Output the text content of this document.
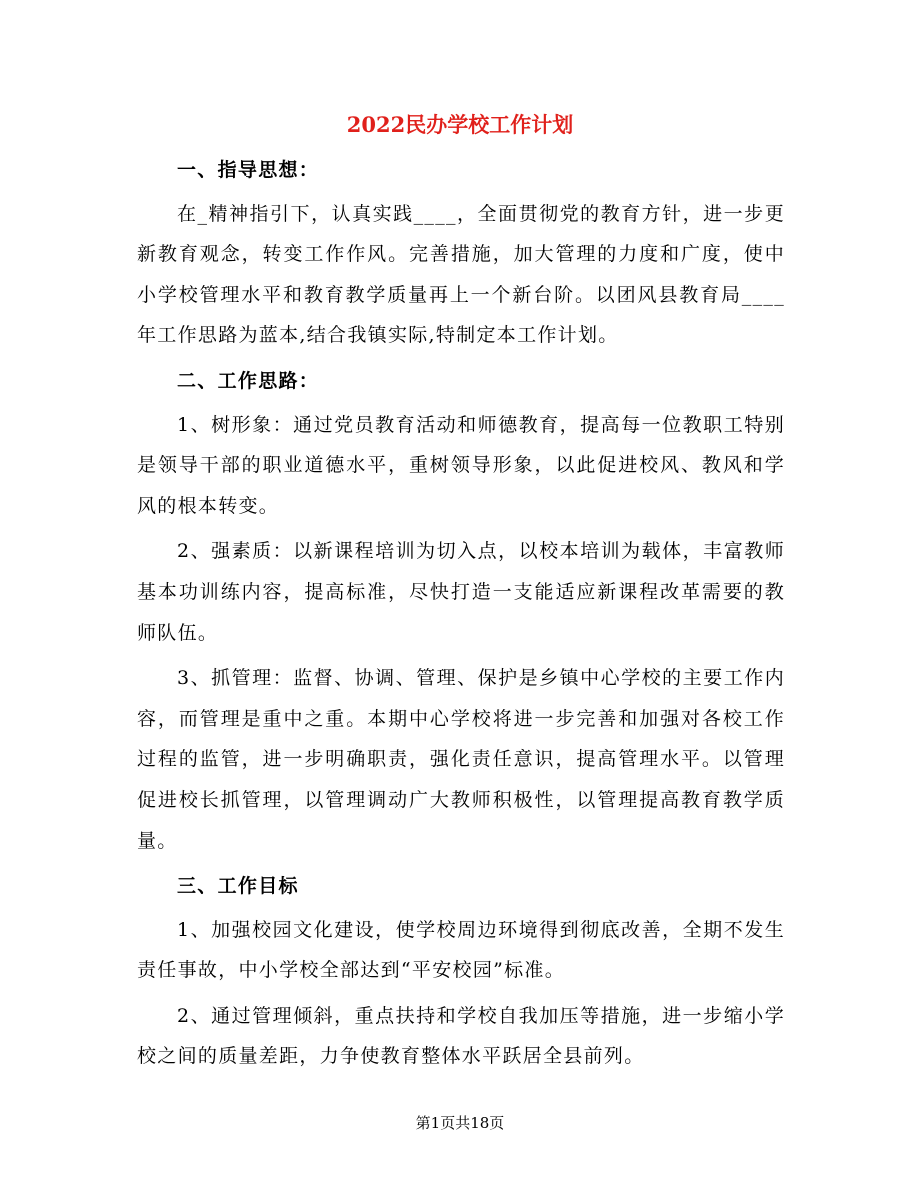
2022民办学校工作计划

一、指导思想：

在_精神指引下，认真实践____，全面贯彻党的教育方针，进一步更新教育观念，转变工作作风。完善措施，加大管理的力度和广度，使中小学校管理水平和教育教学质量再上一个新台阶。以团风县教育局____年工作思路为蓝本,结合我镇实际,特制定本工作计划。

二、工作思路：

1、树形象：通过党员教育活动和师德教育，提高每一位教职工特别是领导干部的职业道德水平，重树领导形象，以此促进校风、教风和学风的根本转变。

2、强素质：以新课程培训为切入点，以校本培训为载体，丰富教师基本功训练内容，提高标准，尽快打造一支能适应新课程改革需要的教师队伍。

3、抓管理：监督、协调、管理、保护是乡镇中心学校的主要工作内容，而管理是重中之重。本期中心学校将进一步完善和加强对各校工作过程的监管，进一步明确职责，强化责任意识，提高管理水平。以管理促进校长抓管理，以管理调动广大教师积极性，以管理提高教育教学质量。

三、工作目标

1、加强校园文化建设，使学校周边环境得到彻底改善，全期不发生责任事故，中小学校全部达到“平安校园”标准。

2、通过管理倾斜，重点扶持和学校自我加压等措施，进一步缩小学校之间的质量差距，力争使教育整体水平跃居全县前列。

第1页共18页
